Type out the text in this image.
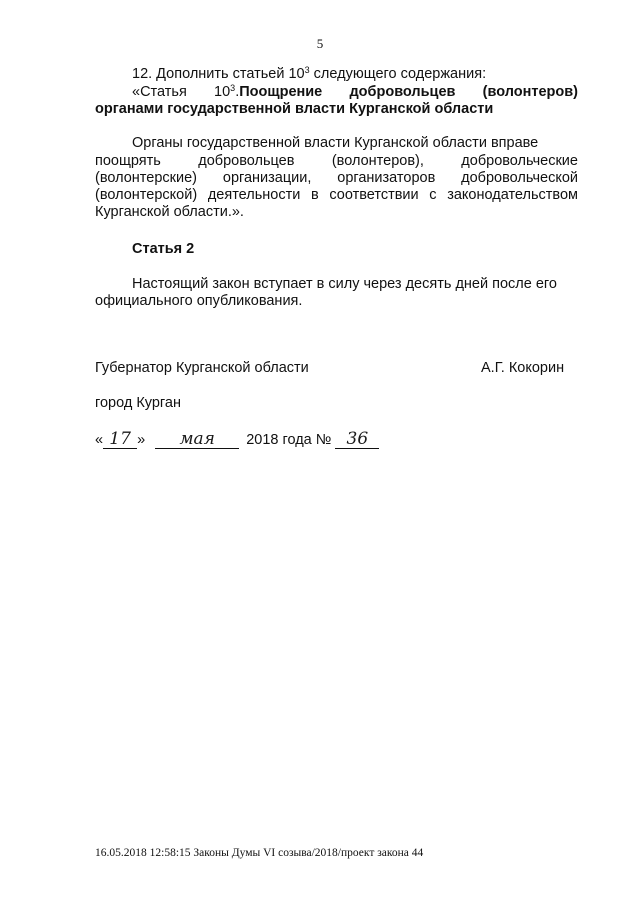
5
12. Дополнить статьей $10^3$ следующего содержания:
«Статья $10^3.Поощрение$ добровольцев (волонтеров)
органами государственной власти Курганской области
Органы государственной власти Курганской области вправе
поощрять	добровольцев	(волонтеров),	добровольческие
(волонтерские) организации, организаторов добровольческой
(волонтерской) деятельности в соответствии с законодательством
Курганской области.».
Статья 2
Настоящий закон вступает в силу через десять дней после его
официального опубликования.
Губернатор Курганской области	А.Г. Кокорин
город Курган
« 17 » мая 2018 года № 36
16.05.2018 12:58:15 Законы Думы VI созыва/2018/проект закона 44
